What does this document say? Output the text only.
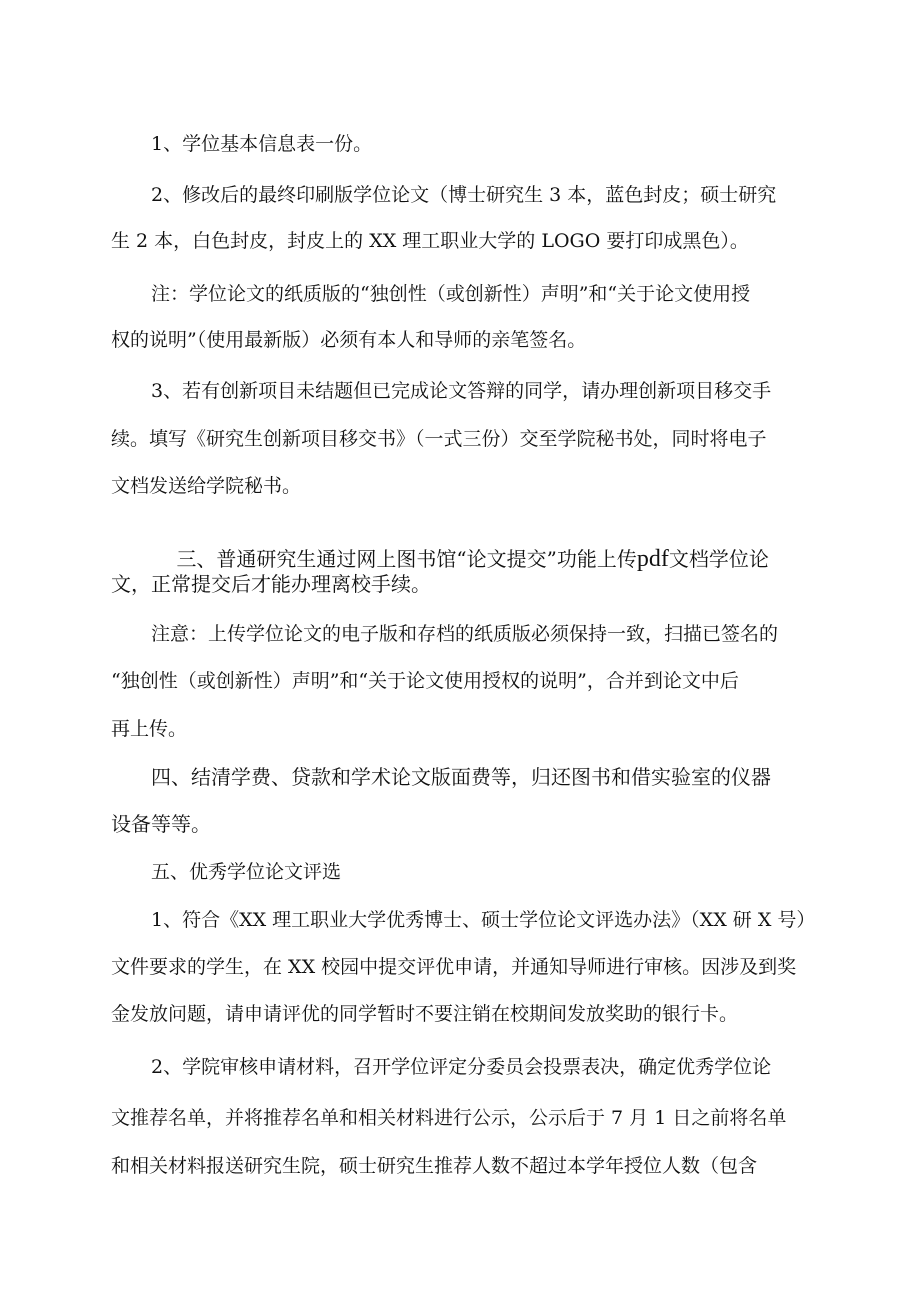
1、学位基本信息表一份。

2、修改后的最终印刷版学位论文（博士研究生 3 本，蓝色封皮；硕士研究

生 2 本，白色封皮，封皮上的 XX 理工职业大学的 LOGO 要打印成黑色）。

注：学位论文的纸质版的“独创性（或创新性）声明”和“关于论文使用授

权的说明”（使用最新版）必须有本人和导师的亲笔签名。

3、若有创新项目未结题但已完成论文答辩的同学，请办理创新项目移交手

续。填写《研究生创新项目移交书》（一式三份）交至学院秘书处，同时将电子

文档发送给学院秘书。

三、普通研究生通过网上图书馆“论文提交”功能上传pdf文档学位论

文，正常提交后才能办理离校手续。

注意：上传学位论文的电子版和存档的纸质版必须保持一致，扫描已签名的

“独创性（或创新性）声明”和“关于论文使用授权的说明”，合并到论文中后

再上传。

四、结清学费、贷款和学术论文版面费等，归还图书和借实验室的仪器

设备等等。

五、优秀学位论文评选

1、符合《XX 理工职业大学优秀博士、硕士学位论文评选办法》（XX 研 X 号）

文件要求的学生，在 XX 校园中提交评优申请，并通知导师进行审核。因涉及到奖

金发放问题，请申请评优的同学暂时不要注销在校期间发放奖助的银行卡。

2、学院审核申请材料，召开学位评定分委员会投票表决，确定优秀学位论

文推荐名单，并将推荐名单和相关材料进行公示，公示后于 7 月 1 日之前将名单

和相关材料报送研究生院，硕士研究生推荐人数不超过本学年授位人数（包含
